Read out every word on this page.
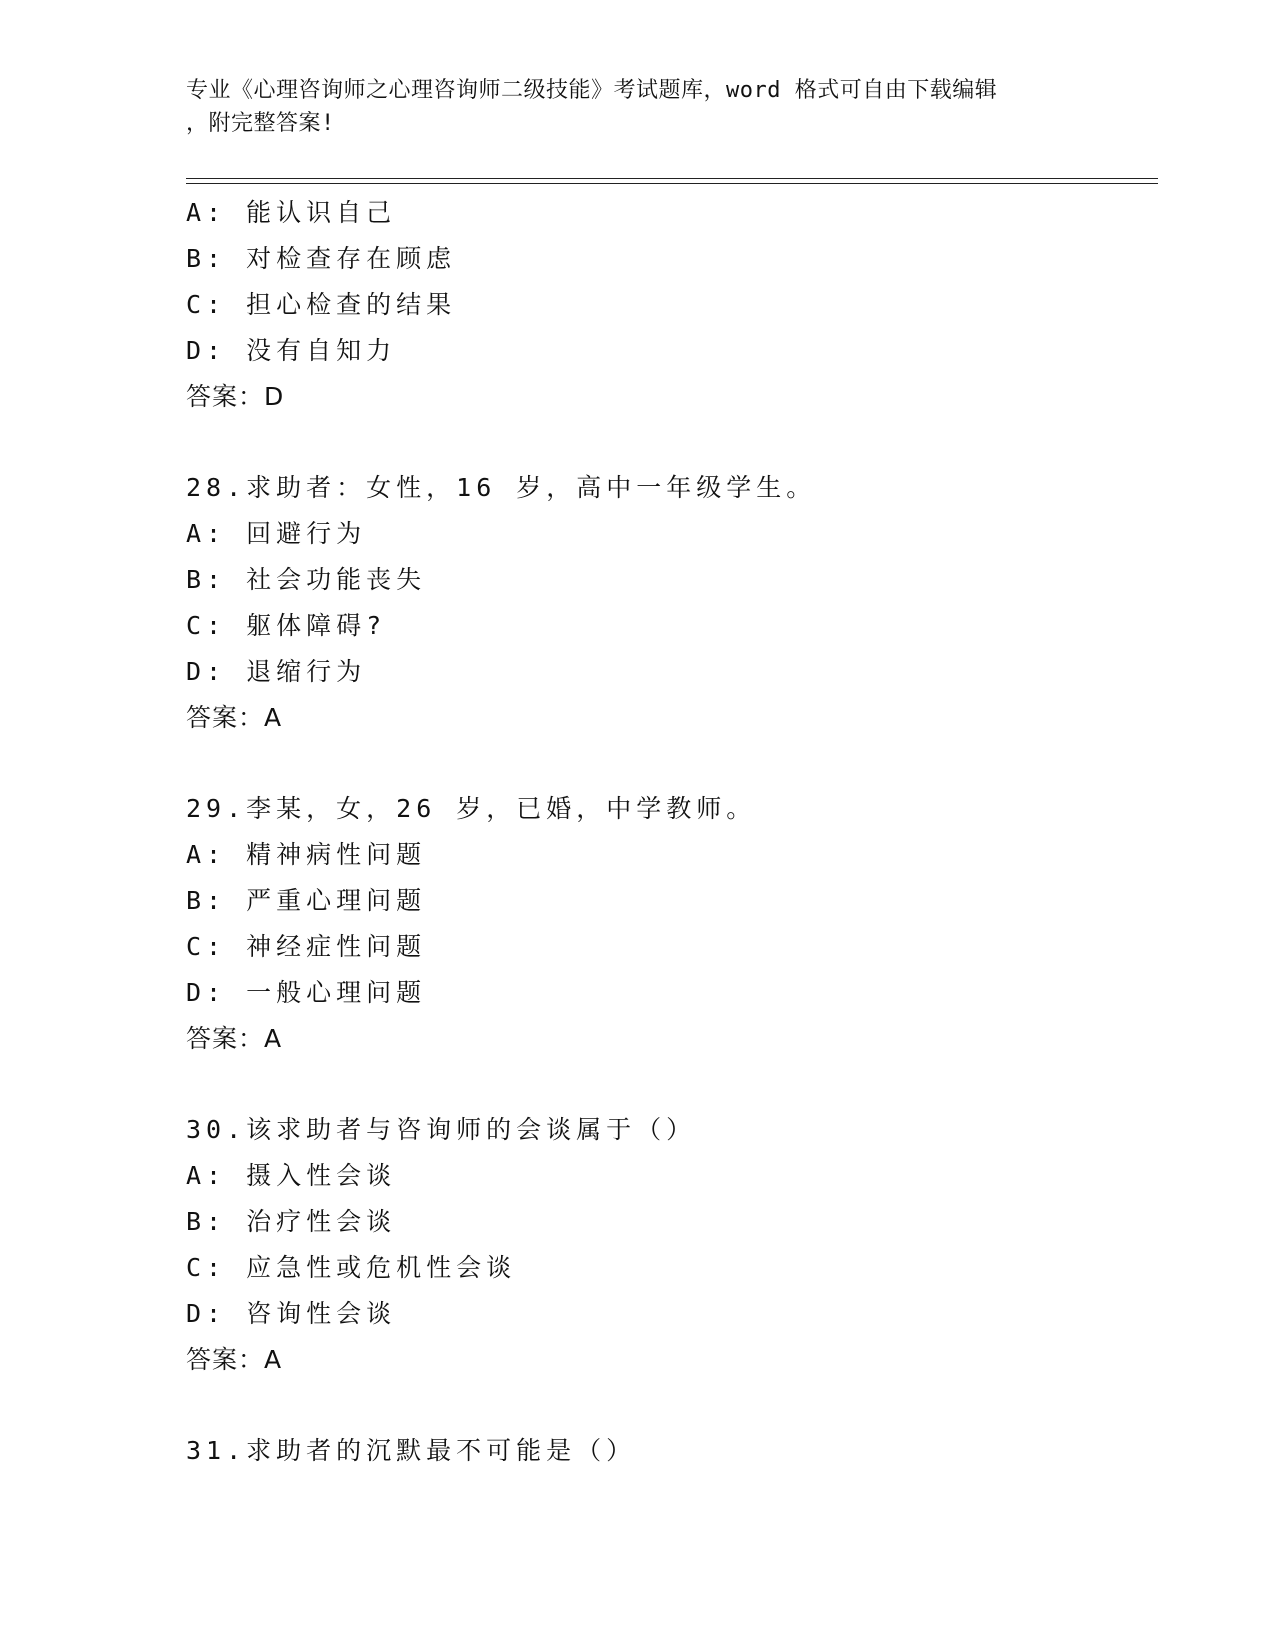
专业《心理咨询师之心理咨询师二级技能》考试题库，word 格式可自由下载编辑
，附完整答案!
A: 能认识自己
B: 对检查存在顾虑
C: 担心检查的结果
D: 没有自知力
答案：D
28.求助者：女性，16 岁，高中一年级学生。
A: 回避行为
B: 社会功能丧失
C: 躯体障碍?
D: 退缩行为
答案：A
29.李某，女，26 岁，已婚，中学教师。
A: 精神病性问题
B: 严重心理问题
C: 神经症性问题
D: 一般心理问题
答案：A
30.该求助者与咨询师的会谈属于（）
A: 摄入性会谈
B: 治疗性会谈
C: 应急性或危机性会谈
D: 咨询性会谈
答案：A
31.求助者的沉默最不可能是（）
